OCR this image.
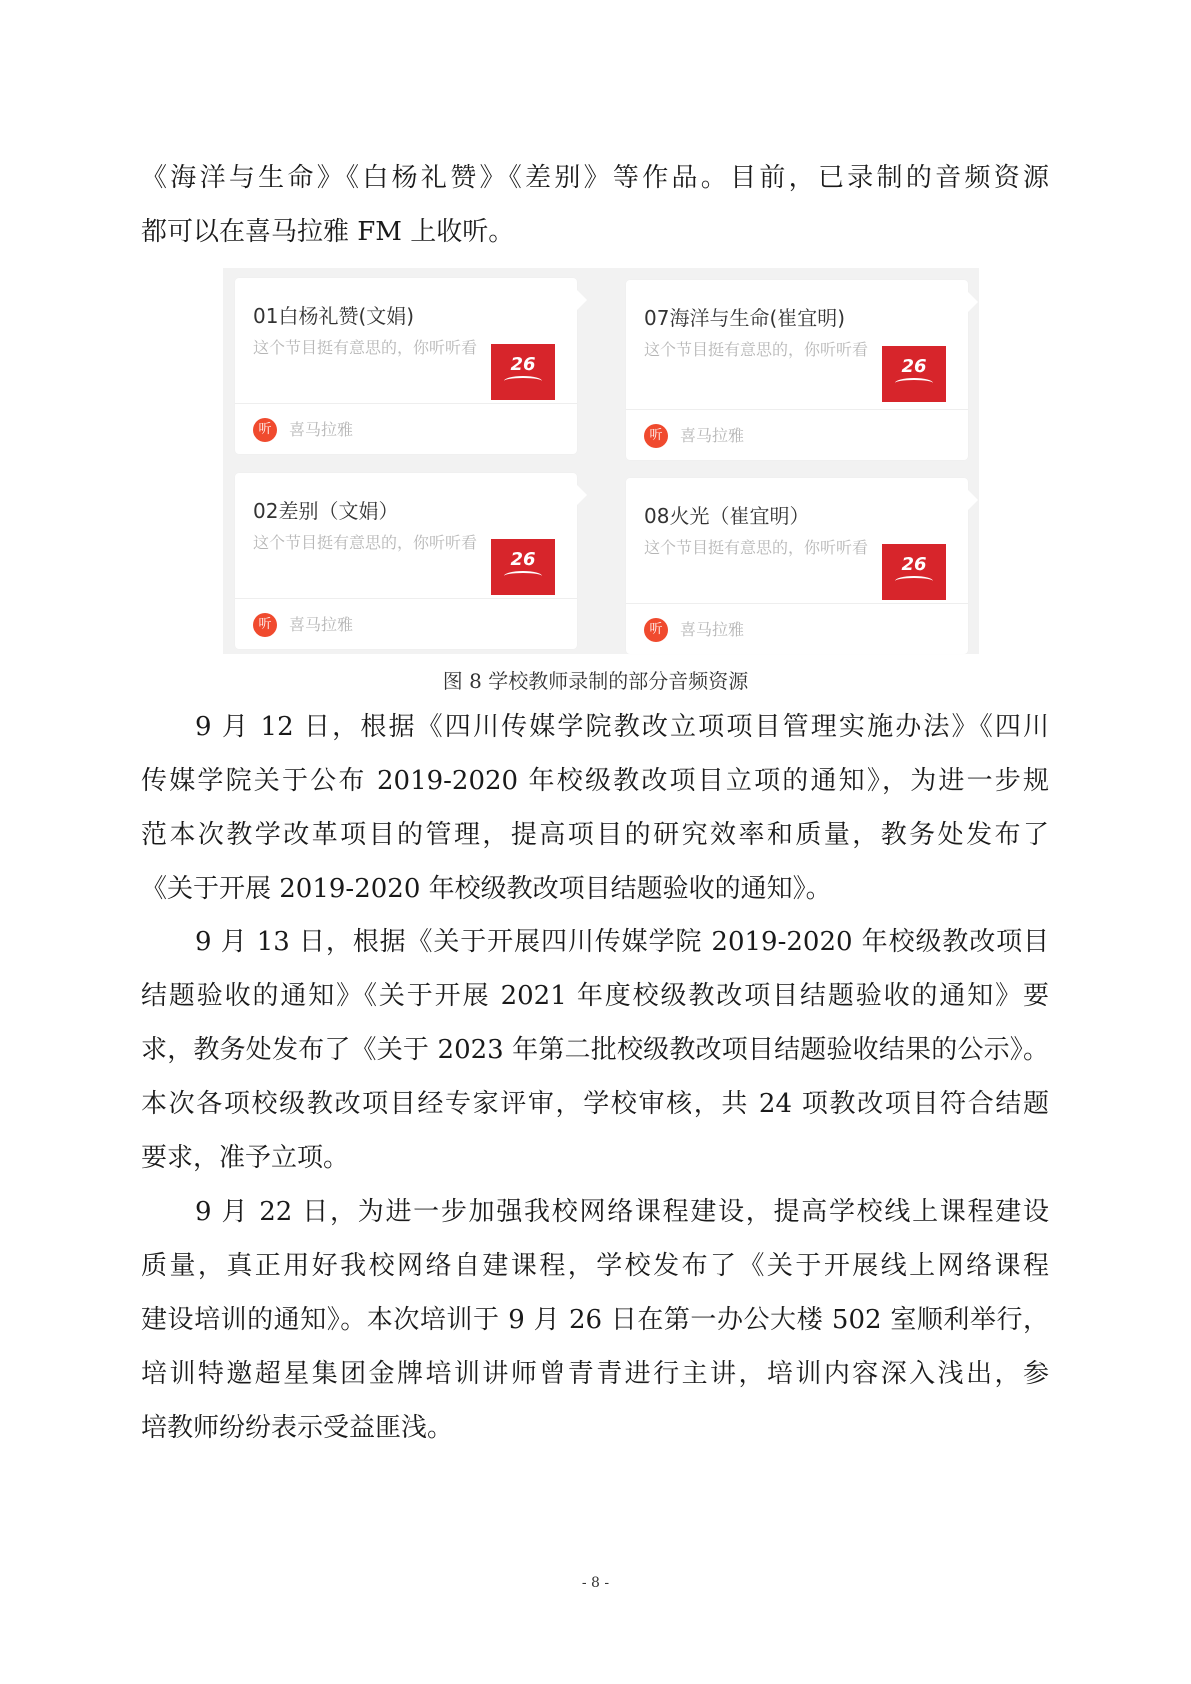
《海洋与生命》《白杨礼赞》《差别》等作品。目前，已录制的音频资源
都可以在喜马拉雅 FM 上收听。
01白杨礼赞(文娟)
这个节目挺有意思的，你听听看
26
听	喜马拉雅
07海洋与生命(崔宜明)
这个节目挺有意思的，你听听看
26
听	喜马拉雅
02差别（文娟）
这个节目挺有意思的，你听听看
26
听	喜马拉雅
08火光（崔宜明）
这个节目挺有意思的，你听听看
26
听	喜马拉雅
图 8 学校教师录制的部分音频资源
9 月 12 日，根据《四川传媒学院教改立项项目管理实施办法》《四川
传媒学院关于公布 2019-2020 年校级教改项目立项的通知》，为进一步规
范本次教学改革项目的管理，提高项目的研究效率和质量，教务处发布了
《关于开展 2019-2020 年校级教改项目结题验收的通知》。
9 月 13 日，根据《关于开展四川传媒学院 2019-2020 年校级教改项目
结题验收的通知》《关于开展 2021 年度校级教改项目结题验收的通知》要
求，教务处发布了《关于 2023 年第二批校级教改项目结题验收结果的公示》。
本次各项校级教改项目经专家评审，学校审核，共 24 项教改项目符合结题
要求，准予立项。
9 月 22 日，为进一步加强我校网络课程建设，提高学校线上课程建设
质量，真正用好我校网络自建课程，学校发布了《关于开展线上网络课程
建设培训的通知》。本次培训于 9 月 26 日在第一办公大楼 502 室顺利举行，
培训特邀超星集团金牌培训讲师曾青青进行主讲，培训内容深入浅出，参
培教师纷纷表示受益匪浅。
- 8 -
